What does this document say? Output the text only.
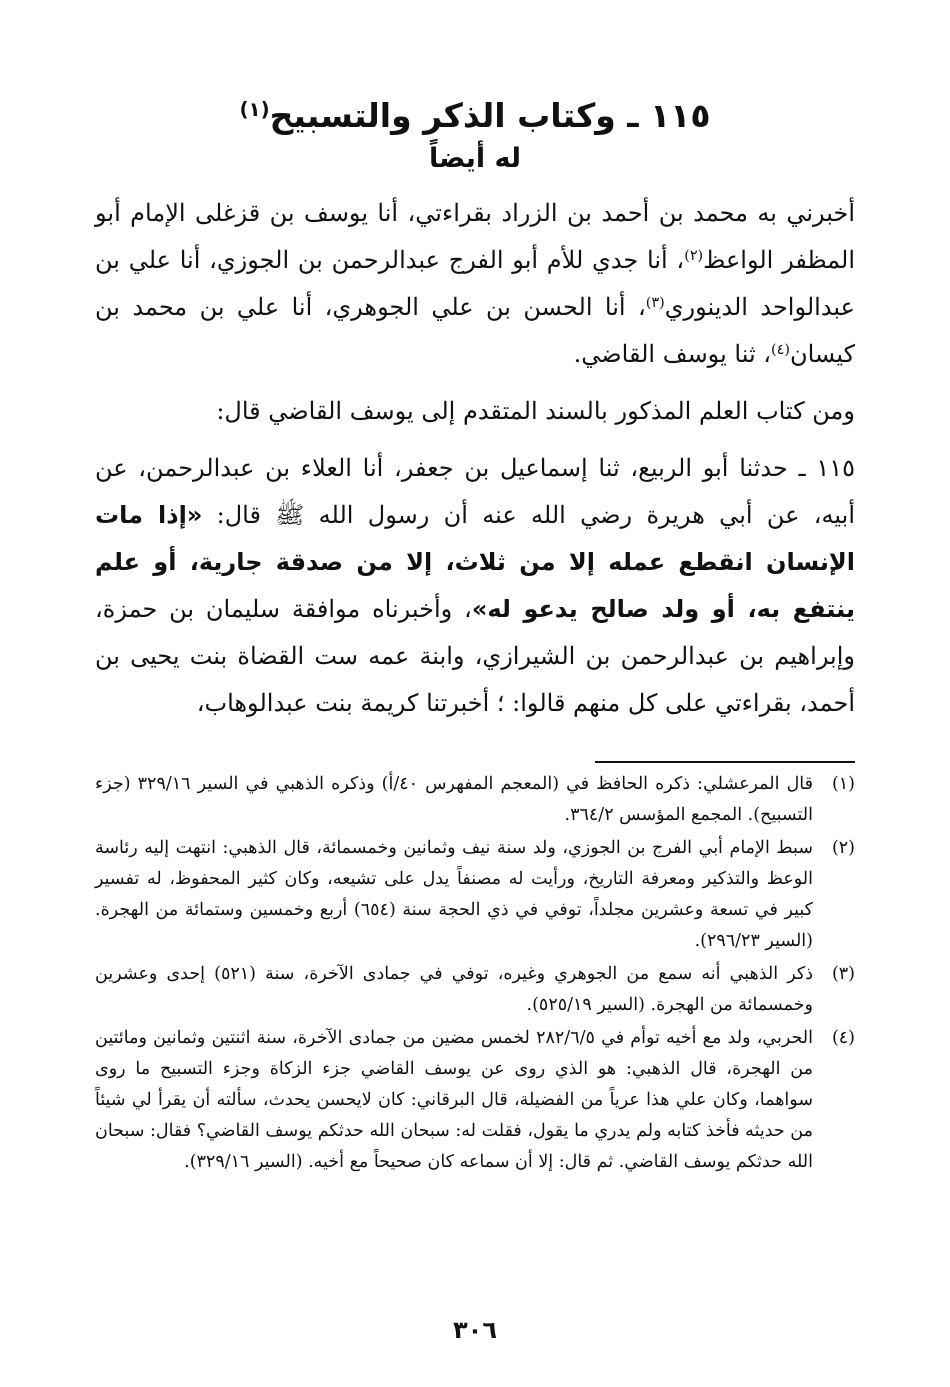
١١٥ ـ وكتاب الذكر والتسبيح$^{(١)}$
له أيضاً

أخبرني به محمد بن أحمد بن الزراد بقراءتي، أنا يوسف بن قزغلى الإمام أبو المظفر الواعظ$^{(٢)}$، أنا جدي للأم أبو الفرج عبدالرحمن بن الجوزي، أنا علي بن عبدالواحد الدينوري$^{(٣)}$، أنا الحسن بن علي الجوهري، أنا علي بن محمد بن كيسان$^{(٤)}$، ثنا يوسف القاضي.

ومن كتاب العلم المذكور بالسند المتقدم إلى يوسف القاضي قال:

١١٥ ـ حدثنا أبو الربيع، ثنا إسماعيل بن جعفر، أنا العلاء بن عبدالرحمن، عن أبيه، عن أبي هريرة رضي الله عنه أن رسول الله ﷺ قال: «إذا مات الإنسان انقطع عمله إلا من ثلاث، إلا من صدقة جارية، أو علم ينتفع به، أو ولد صالح يدعو له»، وأخبرناه موافقة سليمان بن حمزة، وإبراهيم بن عبدالرحمن بن الشيرازي، وابنة عمه ست القضاة بنت يحيى بن أحمد، بقراءتي على كل منهم قالوا: ؛ أخبرتنا كريمة بنت عبدالوهاب،

(١)
قال المرعشلي: ذكره الحافظ في (المعجم المفهرس ٤٠/أ) وذكره الذهبي في السير ٣٢٩/١٦ (جزء التسبيح). المجمع المؤسس ٣٦٤/٢.
(٢)
سبط الإمام أبي الفرج بن الجوزي، ولد سنة نيف وثمانين وخمسمائة، قال الذهبي: انتهت إليه رئاسة الوعظ والتذكير ومعرفة التاريخ، ورأيت له مصنفاً يدل على تشيعه، وكان كثير المحفوظ، له تفسير كبير في تسعة وعشرين مجلداً، توفي في ذي الحجة سنة (٦٥٤) أربع وخمسين وستمائة من الهجرة. (السير ٢٩٦/٢٣).
(٣)
ذكر الذهبي أنه سمع من الجوهري وغيره، توفي في جمادى الآخرة، سنة (٥٢١) إحدى وعشرين وخمسمائة من الهجرة. (السير ٥٢٥/١٩).
(٤)
الحربي، ولد مع أخيه توأم في ٢٨٢/٦/٥ لخمس مضين من جمادى الآخرة، سنة اثنتين وثمانين ومائتين من الهجرة، قال الذهبي: هو الذي روى عن يوسف القاضي جزء الزكاة وجزء التسبيح ما روى سواهما، وكان علي هذا عرياً من الفضيلة، قال البرقاني: كان لايحسن يحدث، سألته أن يقرأ لي شيئاً من حديثه فأخذ كتابه ولم يدري ما يقول، فقلت له: سبحان الله حدثكم يوسف القاضي؟ فقال: سبحان الله حدثكم يوسف القاضي. ثم قال: إلا أن سماعه كان صحيحاً مع أخيه. (السير ٣٢٩/١٦).
٣٠٦
